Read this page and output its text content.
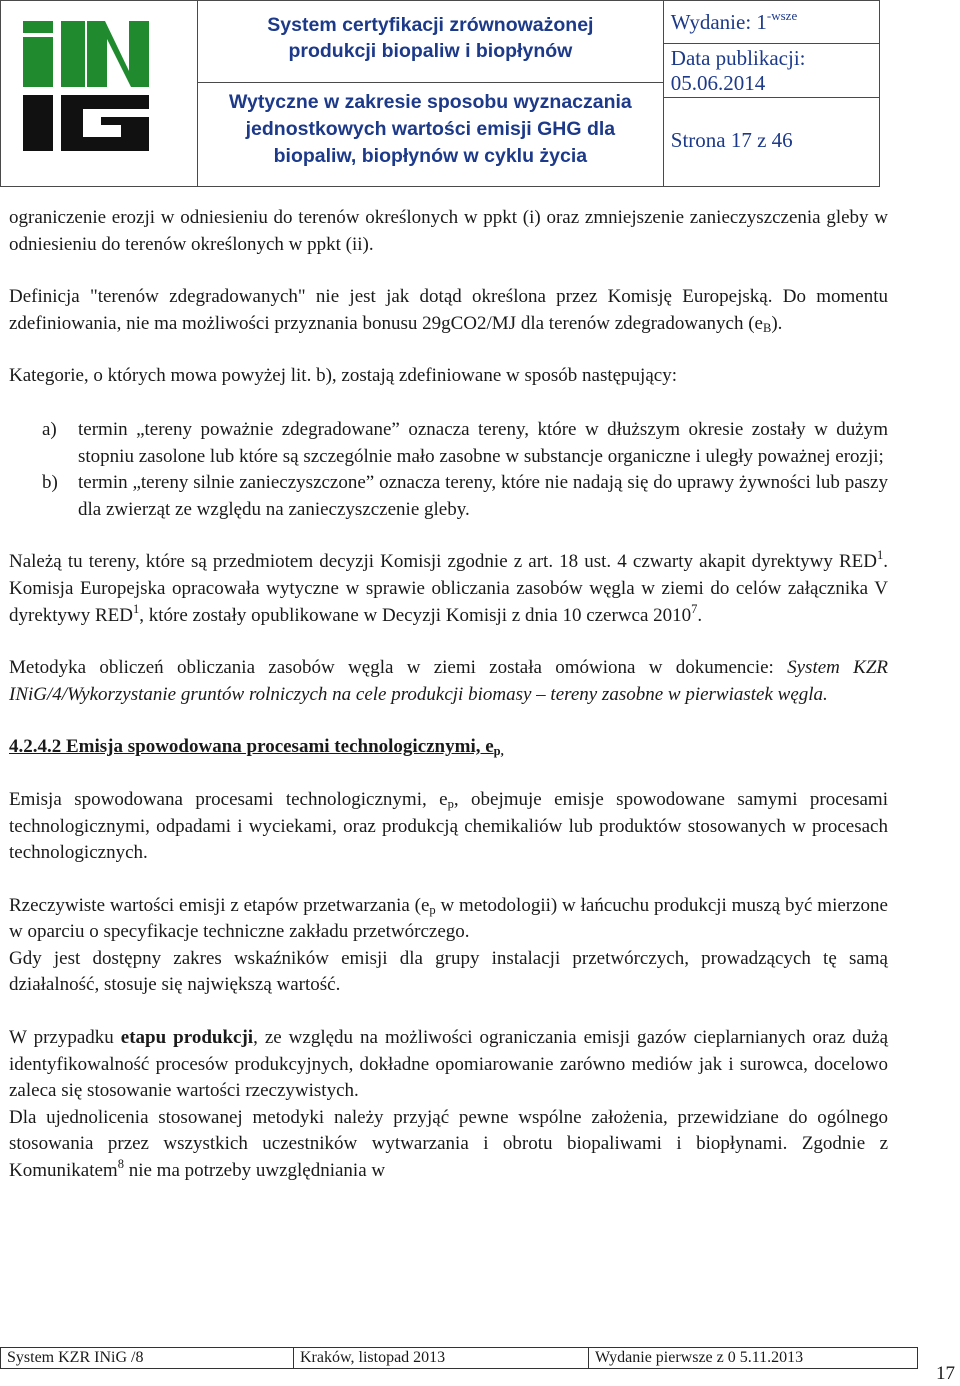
System certyfikacji zrównoważonej
produkcji biopaliw i biopłynów
Wytyczne w zakresie sposobu wyznaczania
jednostkowych wartości emisji GHG dla
biopaliw, biopłynów w cyklu życia

Wydanie: $1^{-wsze}$
Data publikacji:
05.06.2014
Strona 17 z 46

ograniczenie erozji w odniesieniu do terenów określonych w ppkt (i) oraz zmniejszenie zanieczyszczenia gleby w odniesieniu do terenów określonych w ppkt (ii).

Definicja "terenów zdegradowanych" nie jest jak dotąd określona przez Komisję Europejską. Do momentu zdefiniowania, nie ma możliwości przyznania bonusu 29gCO2/MJ dla terenów zdegradowanych $(e_B)$.

Kategorie, o których mowa powyżej lit. b), zostają zdefiniowane w sposób następujący:

a) termin „tereny poważnie zdegradowane” oznacza tereny, które w dłuższym okresie zostały w dużym stopniu zasolone lub które są szczególnie mało zasobne w substancje organiczne i uległy poważnej erozji;
b) termin „tereny silnie zanieczyszczone” oznacza tereny, które nie nadają się do uprawy żywności lub paszy dla zwierząt ze względu na zanieczyszczenie gleby.

Należą tu tereny, które są przedmiotem decyzji Komisji zgodnie z art. 18 ust. 4 czwarty akapit dyrektywy RED$^1$. Komisja Europejska opracowała wytyczne w sprawie obliczania zasobów węgla w ziemi do celów załącznika V dyrektywy RED$^1$, które zostały opublikowane w Decyzji Komisji z dnia 10 czerwca 2010$^7$.

Metodyka obliczeń obliczania zasobów węgla w ziemi została omówiona w dokumencie: System KZR INiG/4/Wykorzystanie gruntów rolniczych na cele produkcji biomasy – tereny zasobne w pierwiastek węgla.

4.2.4.2 Emisja spowodowana procesami technologicznymi, $e_{p,}$

Emisja spowodowana procesami technologicznymi, $e_p$, obejmuje emisje spowodowane samymi procesami technologicznymi, odpadami i wyciekami, oraz produkcją chemikaliów lub produktów stosowanych w procesach technologicznych.

Rzeczywiste wartości emisji z etapów przetwarzania ($e_p$ w metodologii) w łańcuchu produkcji muszą być mierzone w oparciu o specyfikacje techniczne zakładu przetwórczego.

Gdy jest dostępny zakres wskaźników emisji dla grupy instalacji przetwórczych, prowadzących tę samą działalność, stosuje się największą wartość.

W przypadku etapu produkcji, ze względu na możliwości ograniczania emisji gazów cieplarnianych oraz dużą identyfikowalność procesów produkcyjnych, dokładne opomiarowanie zarówno mediów jak i surowca, docelowo zaleca się stosowanie wartości rzeczywistych.

Dla ujednolicenia stosowanej metodyki należy przyjąć pewne wspólne założenia, przewidziane do ogólnego stosowania przez wszystkich uczestników wytwarzania i obrotu biopaliwami i biopłynami. Zgodnie z Komunikatem$^8$ nie ma potrzeby uwzględniania w

System KZR INiG /8	Kraków, listopad 2013	Wydanie pierwsze z 0 5.11.2013
17
